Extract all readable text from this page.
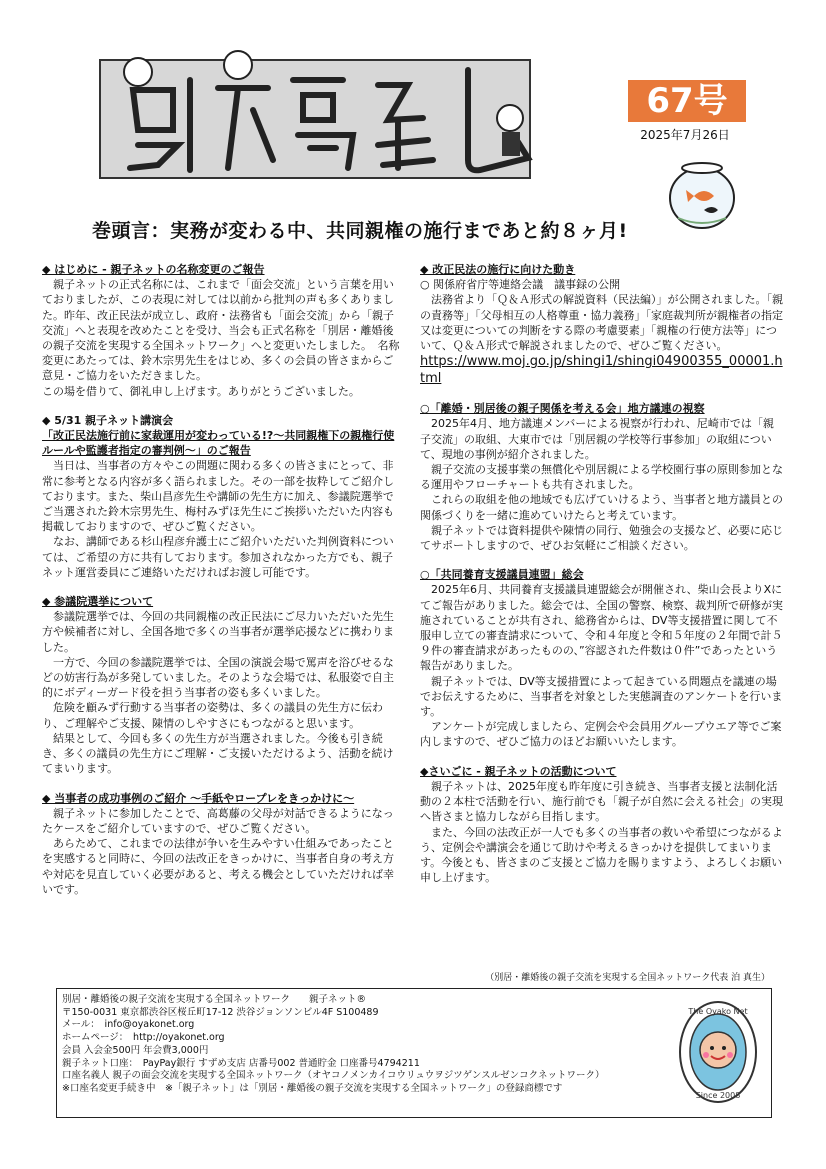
67号
2025年7月26日
巻頭言：実務が変わる中、共同親権の施行まであと約８ヶ月!

◆ はじめに - 親子ネットの名称変更のご報告

親子ネットの正式名称には、これまで「面会交流」という言葉を用いておりましたが、この表現に対しては以前から批判の声も多くありました。昨年、改正民法が成立し、政府・法務省も「面会交流」から「親子交流」へと表現を改めたことを受け、当会も正式名称を「別居・離婚後の親子交流を実現する全国ネットワーク」へと変更いたしました。　名称変更にあたっては、鈴木宗男先生をはじめ、多くの会員の皆さまからご意見・ご協力をいただきました。

この場を借りて、御礼申し上げます。ありがとうございました。

◆ 5/31 親子ネット講演会

「改正民法施行前に家裁運用が変わっている!?～共同親権下の親権行使ルールや監護者指定の審判例～」のご報告

当日は、当事者の方々やこの問題に関わる多くの皆さまにとって、非常に参考となる内容が多く語られました。その一部を抜粋してご紹介しております。また、柴山昌彦先生や講師の先生方に加え、参議院選挙でご当選された鈴木宗男先生、梅村みずほ先生にご挨拶いただいた内容も掲載しておりますので、ぜひご覧ください。

なお、講師である杉山程彦弁護士にご紹介いただいた判例資料については、ご希望の方に共有しております。参加されなかった方でも、親子ネット運営委員にご連絡いただければお渡し可能です。

◆ 参議院選挙について

参議院選挙では、今回の共同親権の改正民法にご尽力いただいた先生方や候補者に対し、全国各地で多くの当事者が選挙応援などに携わりました。

一方で、今回の参議院選挙では、全国の演説会場で罵声を浴びせるなどの妨害行為が多発していました。そのような会場では、私服姿で自主的にボディーガード役を担う当事者の姿も多くいました。

危険を顧みず行動する当事者の姿勢は、多くの議員の先生方に伝わり、ご理解やご支援、陳情のしやすさにもつながると思います。

結果として、今回も多くの先生方が当選されました。今後も引き続き、多くの議員の先生方にご理解・ご支援いただけるよう、活動を続けてまいります。

◆ 当事者の成功事例のご紹介 ～手紙やロープレをきっかけに～

親子ネットに参加したことで、高葛藤の父母が対話できるようになったケースをご紹介していますので、ぜひご覧ください。

あらためて、これまでの法律が争いを生みやすい仕組みであったことを実感すると同時に、今回の法改正をきっかけに、当事者自身の考え方や対応を見直していく必要があると、考える機会としていただければ幸いです。

◆ 改正民法の施行に向けた動き

○ 関係府省庁等連絡会議　議事録の公開

法務省より「Ｑ＆Ａ形式の解説資料（民法編）」が公開されました。「親の責務等」「父母相互の人格尊重・協力義務」「家庭裁判所が親権者の指定又は変更についての判断をする際の考慮要素」「親権の行使方法等」について、Ｑ＆Ａ形式で解説されましたので、ぜひご覧ください。

https://www.moj.go.jp/shingi1/shingi04900355_00001.html

○「離婚・別居後の親子関係を考える会」地方議連の視察

2025年4月、地方議連メンバーによる視察が行われ、尼崎市では「親子交流」の取組、大東市では「別居親の学校等行事参加」の取組について、現地の事例が紹介されました。

親子交流の支援事業の無償化や別居親による学校園行事の原則参加となる運用やフローチャートも共有されました。

これらの取組を他の地域でも広げていけるよう、当事者と地方議員との関係づくりを一緒に進めていけたらと考えています。

親子ネットでは資料提供や陳情の同行、勉強会の支援など、必要に応じてサポートしますので、ぜひお気軽にご相談ください。

○「共同養育支援議員連盟」総会

2025年6月、共同養育支援議員連盟総会が開催され、柴山会長よりXにてご報告がありました。総会では、全国の警察、検察、裁判所で研修が実施されていることが共有され、総務省からは、DV等支援措置に関して不服申し立ての審査請求について、令和４年度と令和５年度の２年間で計５９件の審査請求があったものの、”容認された件数は０件”であったという報告がありました。

親子ネットでは、DV等支援措置によって起きている問題点を議連の場でお伝えするために、当事者を対象とした実態調査のアンケートを行います。

アンケートが完成しましたら、定例会や会員用グループウエア等でご案内しますので、ぜひご協力のほどお願いいたします。

◆さいごに - 親子ネットの活動について

親子ネットは、2025年度も昨年度に引き続き、当事者支援と法制化活動の２本柱で活動を行い、施行前でも「親子が自然に会える社会」の実現へ皆さまと協力しながら目指します。

また、今回の法改正が一人でも多くの当事者の救いや希望につながるよう、定例会や講演会を通じて助けや考えるきっかけを提供してまいります。今後とも、皆さまのご支援とご協力を賜りますよう、よろしくお願い申し上げます。

（別居・離婚後の親子交流を実現する全国ネットワーク代表 泊 真生）
別居・離婚後の親子交流を実現する全国ネットワーク　　親子ネット®
〒150-0031 東京都渋谷区桜丘町17-12 渋谷ジョンソンビル4F S100489
メール：　info@oyakonet.org
ホームページ：　http://oyakonet.org
会員 入会金500円 年会費3,000円
親子ネット口座：　PayPay銀行 すずめ支店 店番号002 普通貯金 口座番号4794211
口座名義人 親子の面会交流を実現する全国ネットワーク（オヤコノメンカイコウリュウヲジツゲンスルゼンコクネットワーク）
※口座名変更手続き中　※「親子ネット」は「別居・離婚後の親子交流を実現する全国ネットワーク」の登録商標です
The Oyako Net
Since 2008
